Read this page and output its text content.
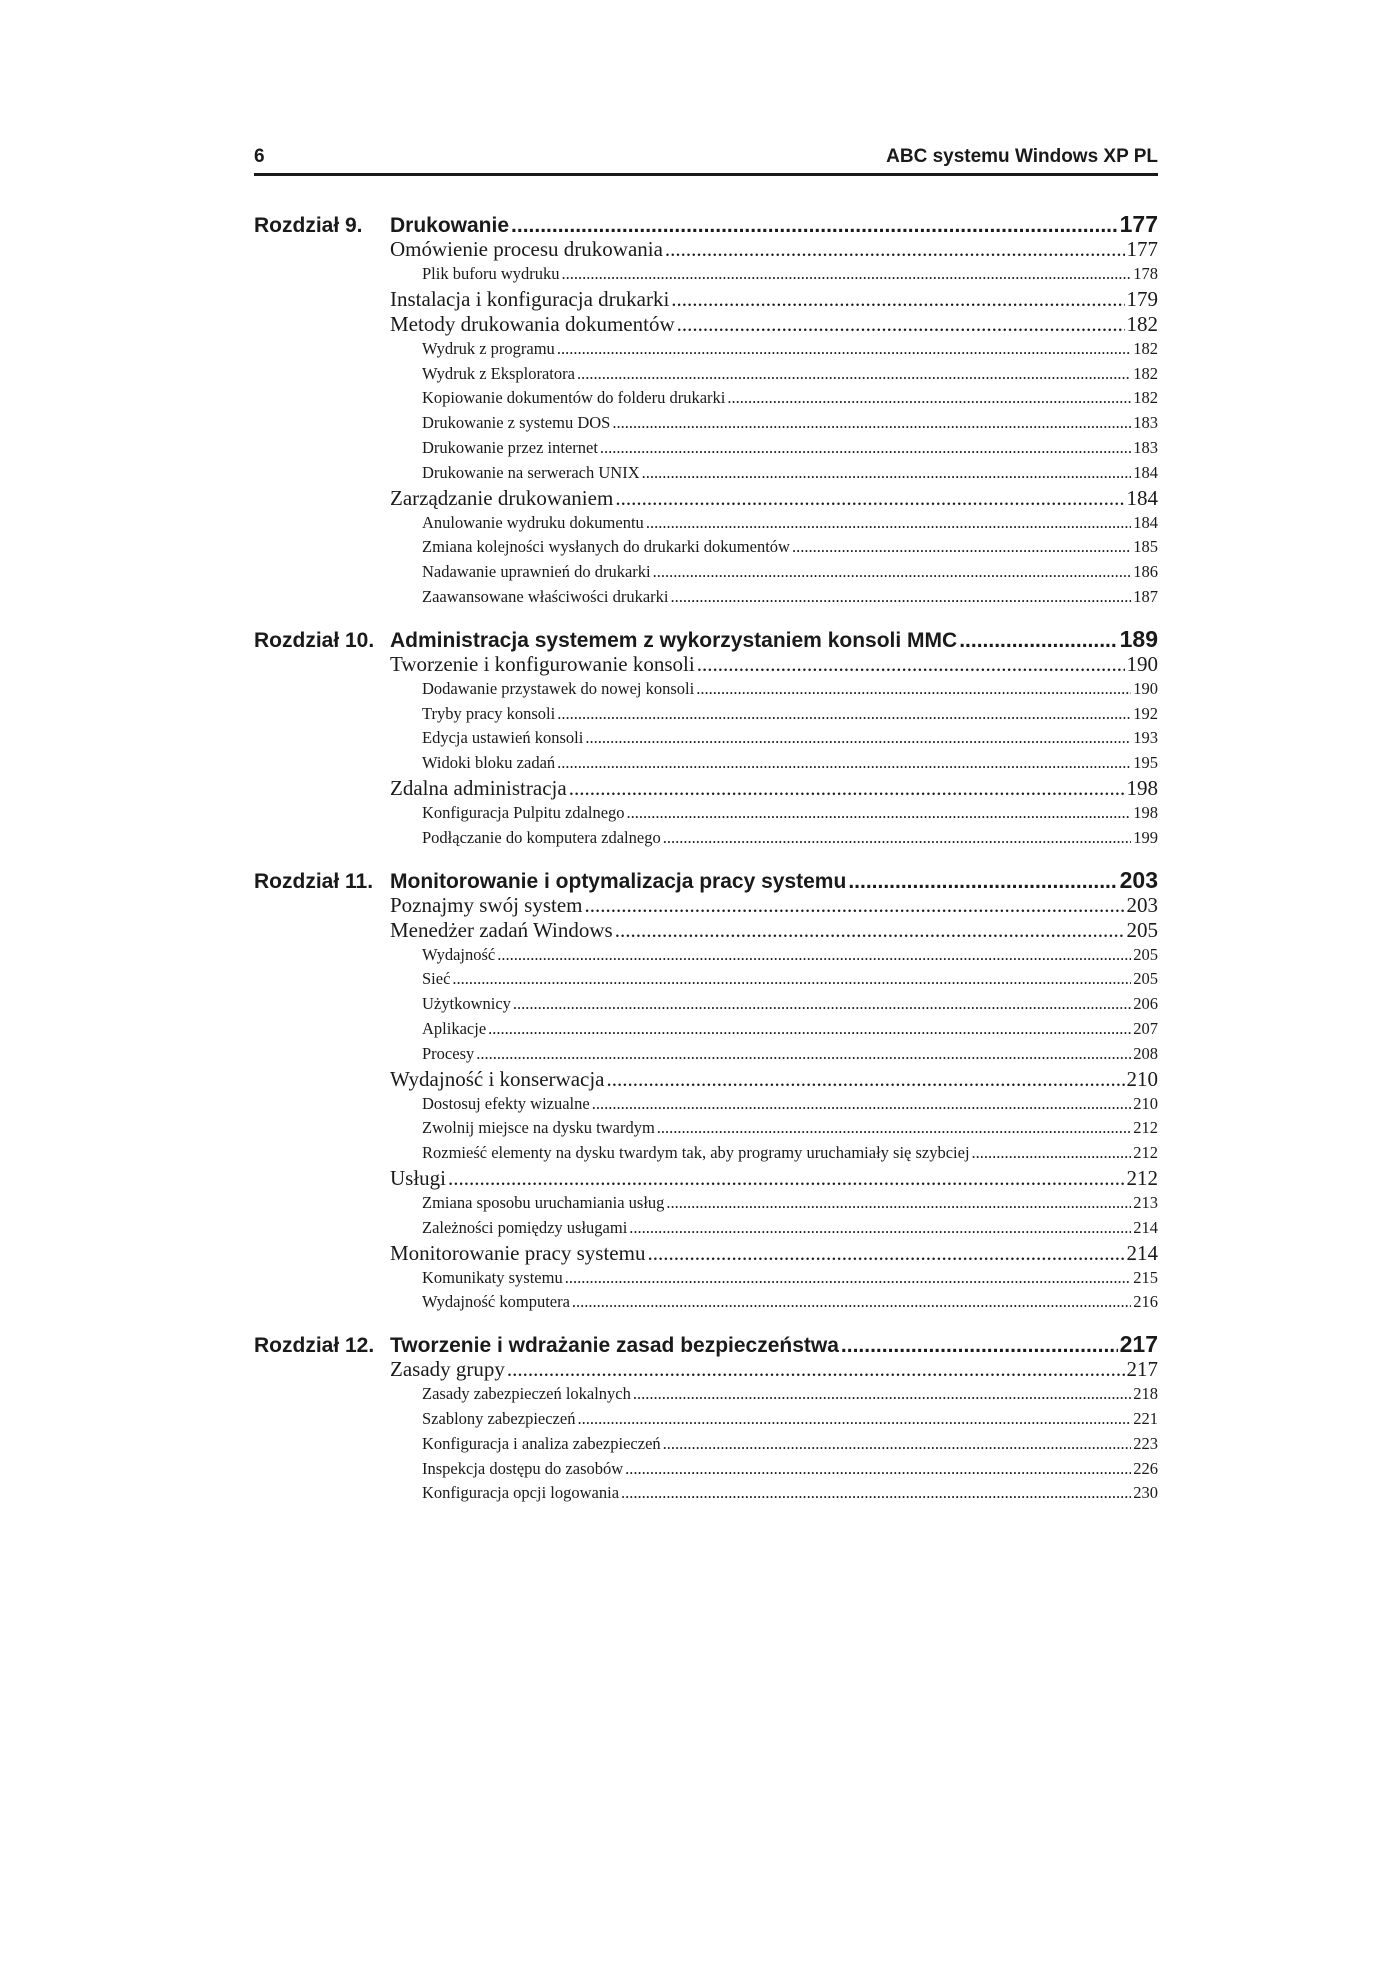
6	ABC systemu Windows XP PL
Rozdział 9.	Drukowanie .....	177
Omówienie procesu drukowania .....	177
Plik buforu wydruku .....	178
Instalacja i konfiguracja drukarki .....	179
Metody drukowania dokumentów .....	182
Wydruk z programu .....	182
Wydruk z Eksploratora .....	182
Kopiowanie dokumentów do folderu drukarki .....	182
Drukowanie z systemu DOS .....	183
Drukowanie przez internet .....	183
Drukowanie na serwerach UNIX .....	184
Zarządzanie drukowaniem .....	184
Anulowanie wydruku dokumentu .....	184
Zmiana kolejności wysłanych do drukarki dokumentów .....	185
Nadawanie uprawnień do drukarki .....	186
Zaawansowane właściwości drukarki .....	187
Rozdział 10. Administracja systemem z wykorzystaniem konsoli MMC .....	189
Tworzenie i konfigurowanie konsoli .....	190
Dodawanie przystawek do nowej konsoli .....	190
Tryby pracy konsoli .....	192
Edycja ustawień konsoli .....	193
Widoki bloku zadań .....	195
Zdalna administracja .....	198
Konfiguracja Pulpitu zdalnego .....	198
Podłączanie do komputera zdalnego .....	199
Rozdział 11. Monitorowanie i optymalizacja pracy systemu .....	203
Poznajmy swój system .....	203
Menedżer zadań Windows .....	205
Wydajność .....	205
Sieć .....	205
Użytkownicy .....	206
Aplikacje .....	207
Procesy .....	208
Wydajność i konserwacja .....	210
Dostosuj efekty wizualne .....	210
Zwolnij miejsce na dysku twardym .....	212
Rozmieść elementy na dysku twardym tak, aby programy uruchamiały się szybciej .....	212
Usługi .....	212
Zmiana sposobu uruchamiania usług .....	213
Zależności pomiędzy usługami .....	214
Monitorowanie pracy systemu .....	214
Komunikaty systemu .....	215
Wydajność komputera .....	216
Rozdział 12. Tworzenie i wdrażanie zasad bezpieczeństwa .....	217
Zasady grupy .....	217
Zasady zabezpieczeń lokalnych .....	218
Szablony zabezpieczeń .....	221
Konfiguracja i analiza zabezpieczeń .....	223
Inspekcja dostępu do zasobów .....	226
Konfiguracja opcji logowania .....	230
